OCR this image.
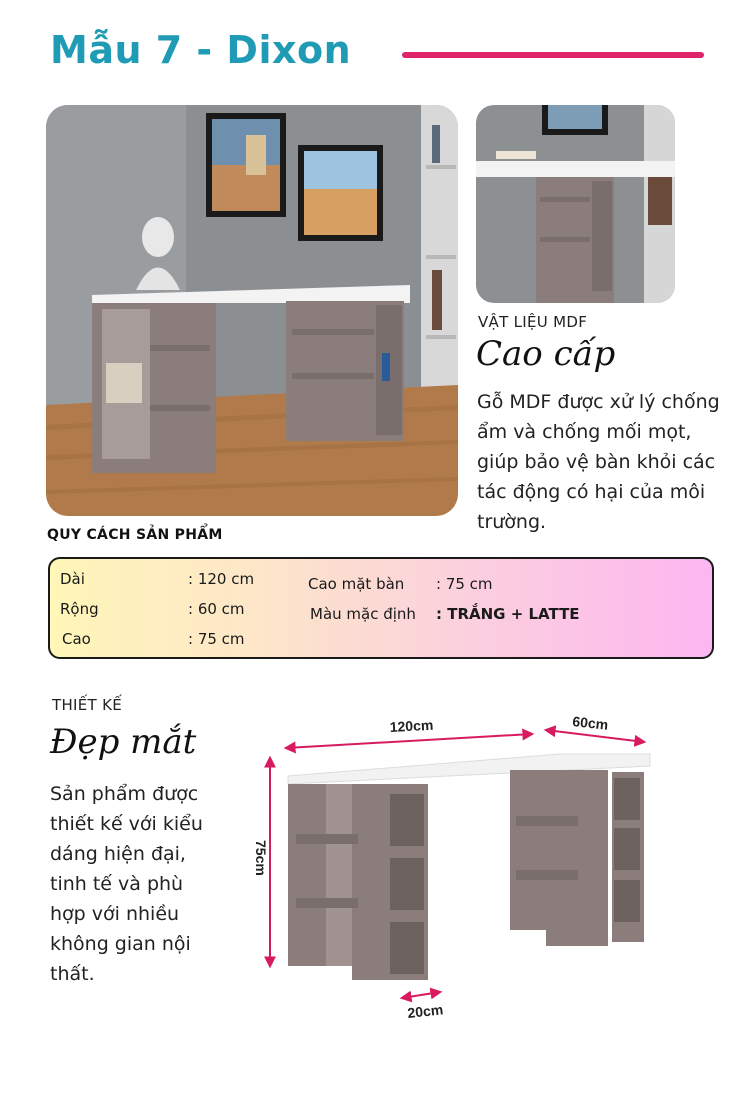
Mẫu 7 - Dixon
VẬT LIỆU MDF
Cao cấp
Gỗ MDF được xử lý chống
ẩm và chống mối mọt,
giúp bảo vệ bàn khỏi các
tác động có hại của môi
trường.
QUY CÁCH SẢN PHẨM
Dài	: 120 cm
Rộng	: 60 cm
Cao	: 75 cm
Cao mặt bàn : 75 cm
Màu mặc định : TRẮNG + LATTE
THIẾT KẾ
Đẹp mắt
Sản phẩm được
thiết kế với kiểu
dáng hiện đại,
tinh tế và phù
hợp với nhiều
không gian nội
thất.
120cm	60cm
75cm
20cm
